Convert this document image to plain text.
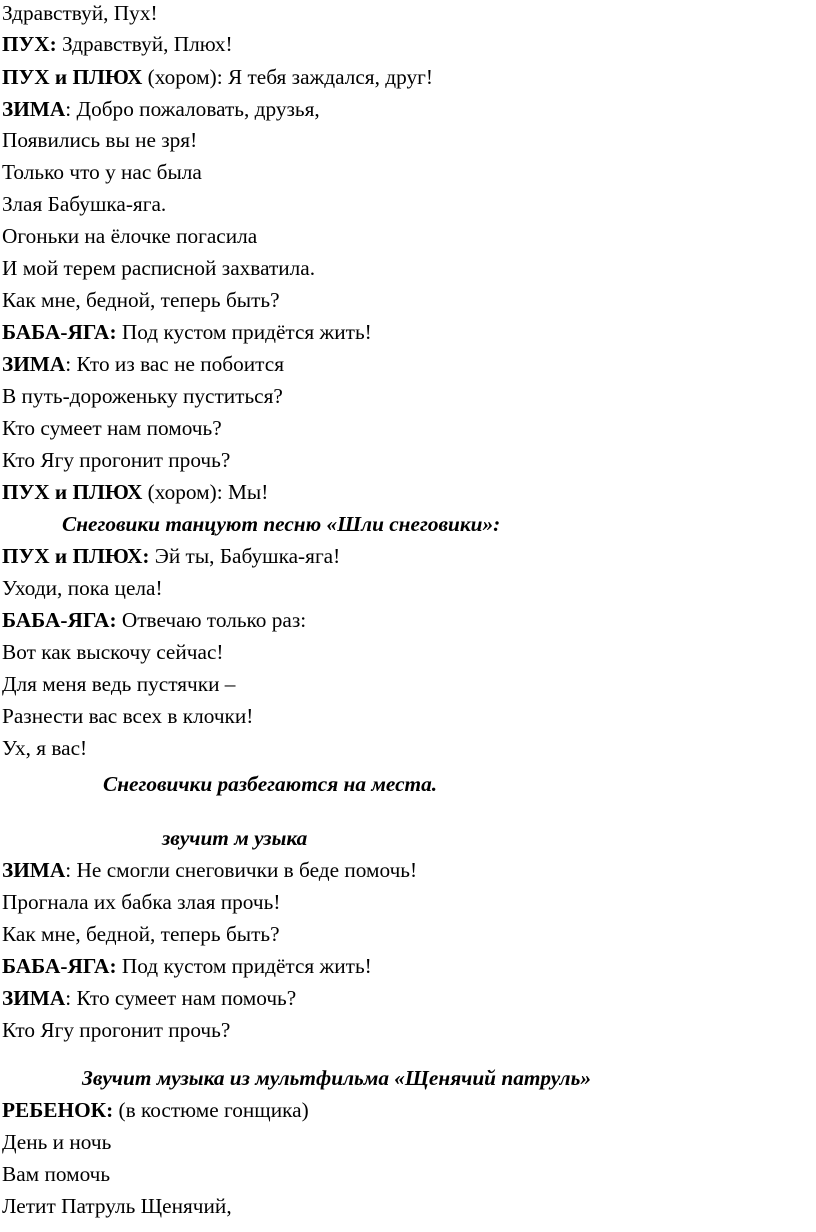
Здравствуй, Пух!
ПУХ: Здравствуй, Плюх!
ПУХ и ПЛЮХ (хором): Я тебя заждался, друг!
ЗИМА: Добро пожаловать, друзья,
Появились вы не зря!
Только что у нас была
Злая Бабушка-яга.
Огоньки на ёлочке погасила
И мой терем расписной захватила.
Как мне, бедной, теперь быть?
БАБА-ЯГА: Под кустом придётся жить!
ЗИМА: Кто из вас не побоится
В путь-дороженьку пуститься?
Кто сумеет нам помочь?
Кто Ягу прогонит прочь?
ПУХ и ПЛЮХ (хором): Мы!
Снеговики танцуют песню «Шли снеговики»:
ПУХ и ПЛЮХ: Эй ты, Бабушка-яга!
Уходи, пока цела!
БАБА-ЯГА: Отвечаю только раз:
Вот как выскочу сейчас!
Для меня ведь пустячки –
Разнести вас всех в клочки!
Ух, я вас!
Снеговички разбегаются на места.
звучит м узыка
ЗИМА: Не смогли снеговички в беде помочь!
Прогнала их бабка злая прочь!
Как мне, бедной, теперь быть?
БАБА-ЯГА: Под кустом придётся жить!
ЗИМА: Кто сумеет нам помочь?
Кто Ягу прогонит прочь?
Звучит музыка из мультфильма «Щенячий патруль»
РЕБЕНОК: (в костюме гонщика)
День и ночь
Вам помочь
Летит Патруль Щенячий,
